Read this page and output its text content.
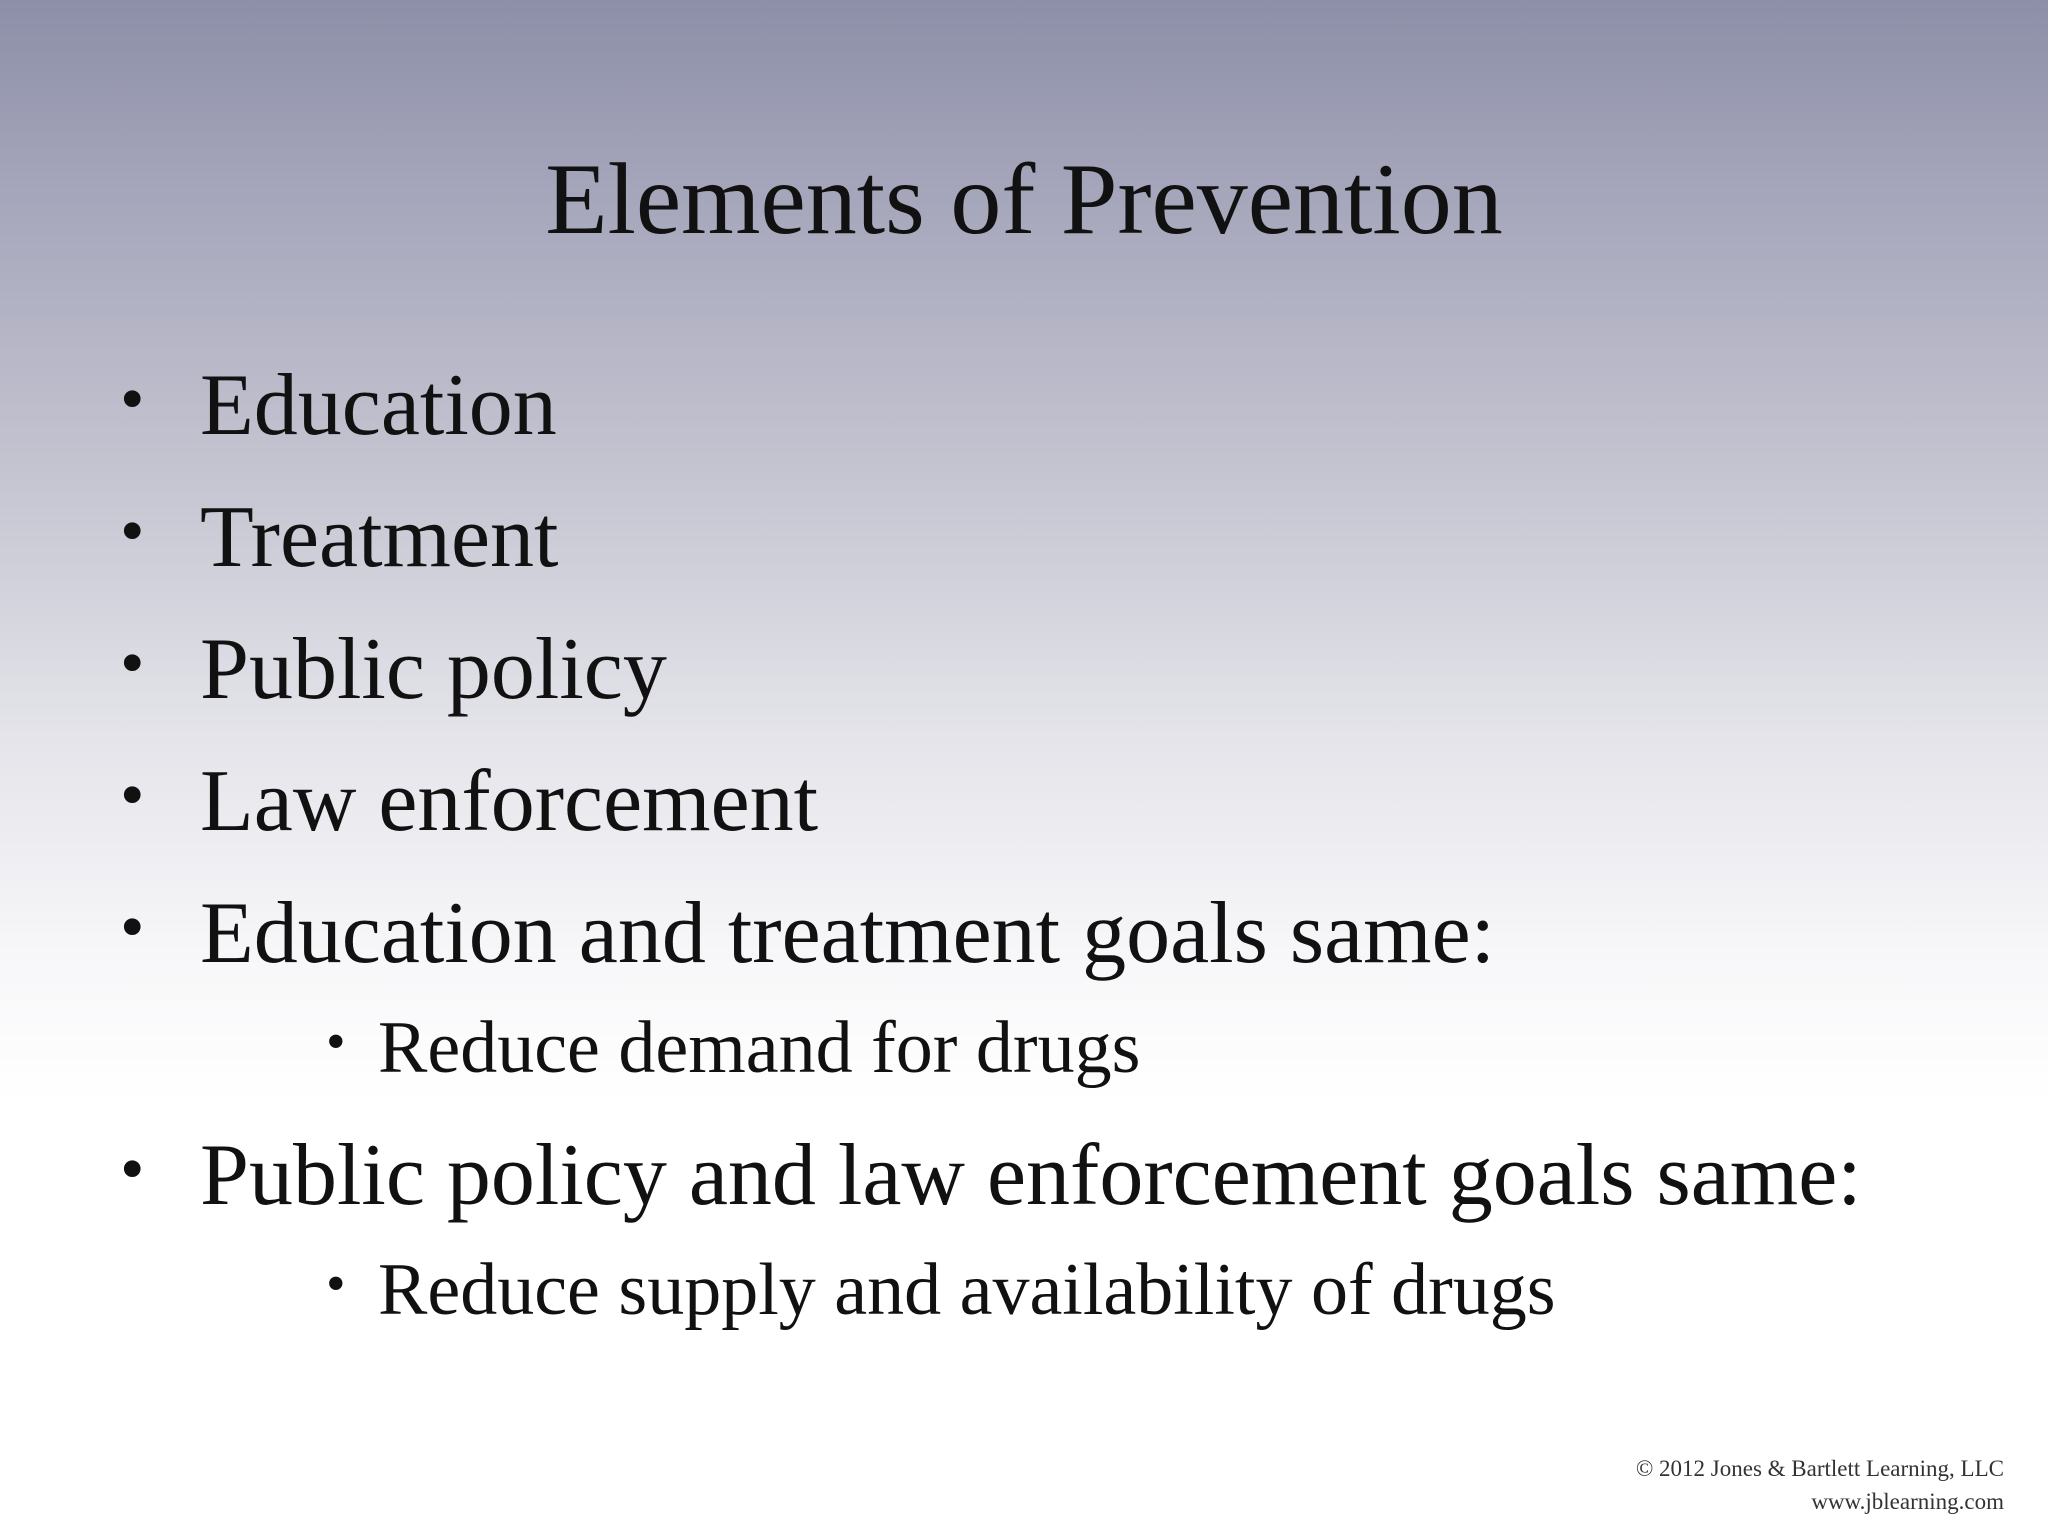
Elements of Prevention
• Education
• Treatment
• Public policy
• Law enforcement
• Education and treatment goals same:
• Reduce demand for drugs
• Public policy and law enforcement goals same:
• Reduce supply and availability of drugs
© 2012 Jones & Bartlett Learning, LLC
www.jblearning.com
